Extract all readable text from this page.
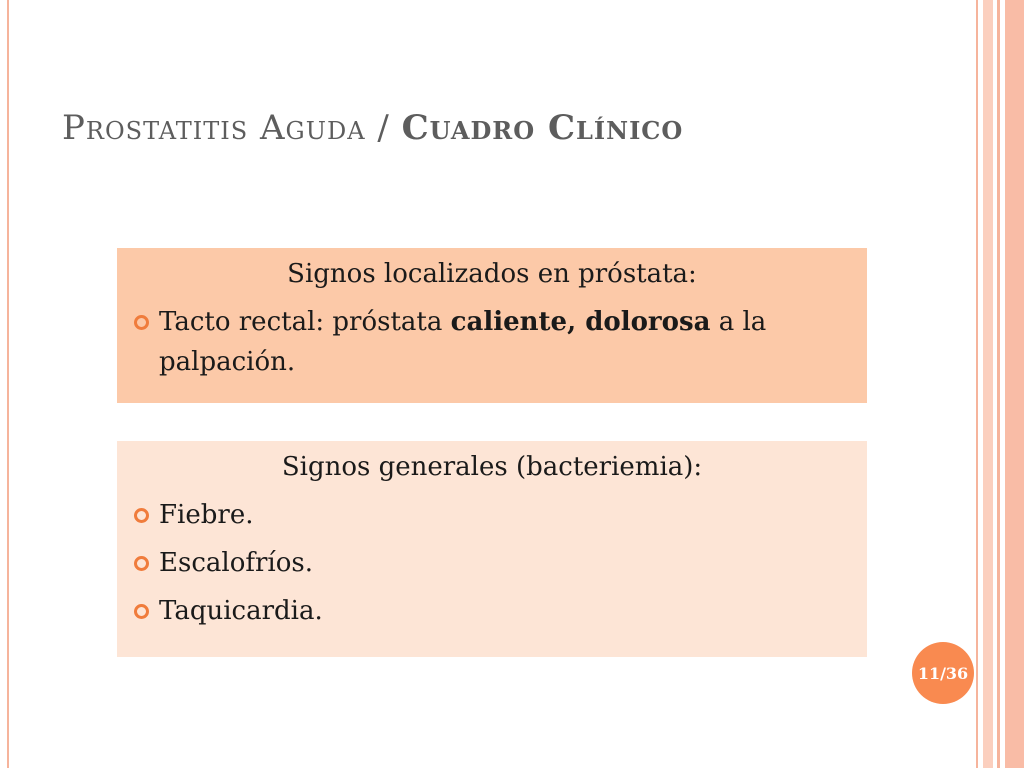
Prostatitis Aguda / Cuadro Clínico
Signos localizados en próstata:
Tacto rectal: próstata caliente, dolorosa a la palpación.
Signos generales (bacteriemia):
Fiebre.
Escalofríos.
Taquicardia.
11/36
